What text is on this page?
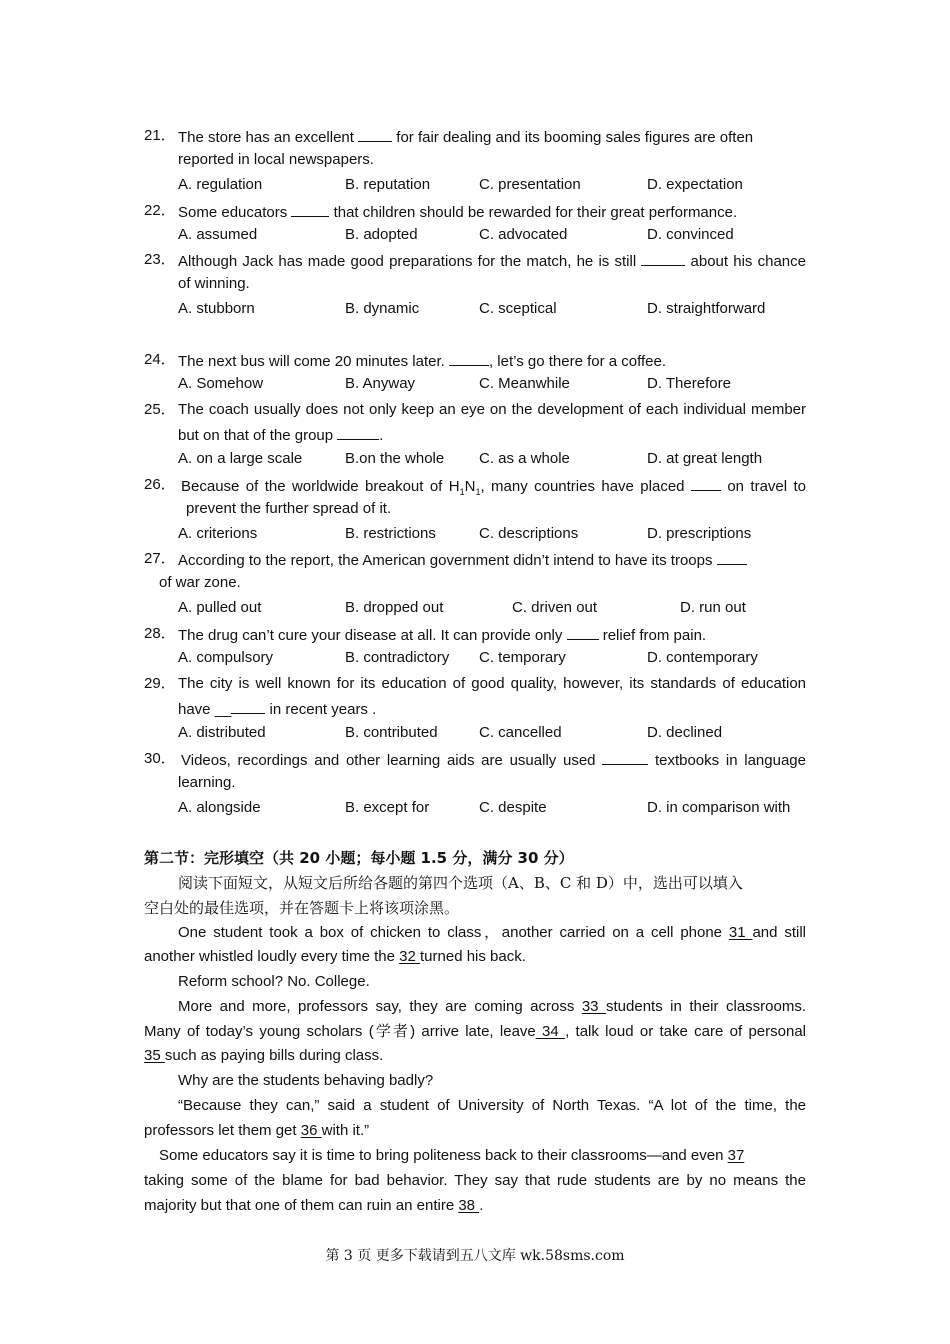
21． The store has an excellent  for fair dealing and its booming sales figures are often
reported in local newspapers.
A. regulation	B. reputation	C. presentation	D. expectation
22． Some educators	that children should be rewarded for their great performance.
A. assumed	B. adopted	C. advocated	D. convinced
23． Although Jack has made good preparations for the match, he is still	about his chance
of winning.
A. stubborn	B. dynamic	C. sceptical	D. straightforward
24． The next bus will come 20 minutes later.	, let’s go there for a coffee.
A. Somehow	B. Anyway	C. Meanwhile	D. Therefore
25． The coach usually does not only keep an eye on the development of each individual member
but on that of the group	.
A. on a large scale	B.on the whole C. as a whole	D. at great length
26． Because of the worldwide breakout of $H_1N_1$, many countries have placed  on travel to
prevent the further spread of it.
A. criterions	B. restrictions	C. descriptions	D. prescriptions
27． According to the report, the American government didn’t intend to have its troops
of war zone.
A. pulled out	B. dropped out	C. driven out	D. run out
28． The drug can’t cure your disease at all. It can provide only  relief from pain.
A. compulsory	B. contradictory C. temporary	D. contemporary
29． The city is well known for its education of good quality, however, its standards of education
have __ in recent years .
A. distributed	B. contributed	C. cancelled	D. declined
30． Videos, recordings and other learning aids are usually used	textbooks in language
learning.
A. alongside	B. except for	C. despite	D. in comparison with
第二节：完形填空（共 20 小题；每小题 1.5 分，满分 30 分）
阅读下面短文，从短文后所给各题的第四个选项（A、B、C 和 D）中，选出可以填入
空白处的最佳选项，并在答题卡上将该项涂黑。
One student took a box of chicken to class，another carried on a cell phone 31 and still
another whistled loudly every time the 32 turned his back.
Reform school? No. College.
More and more, professors say, they are coming across 33 students in their classrooms.
Many of today’s young scholars (学者) arrive late, leave 34 , talk loud or take care of personal
35 such as paying bills during class.
Why are the students behaving badly?
“Because they can,” said a student of University of North Texas. “A lot of the time, the
professors let them get 36 with it.”
Some educators say it is time to bring politeness back to their classrooms—and even 37
taking some of the blame for bad behavior. They say that rude students are by no means the
majority but that one of them can ruin an entire 38 .
第 3 页 更多下载请到五八文库 wk.58sms.com
